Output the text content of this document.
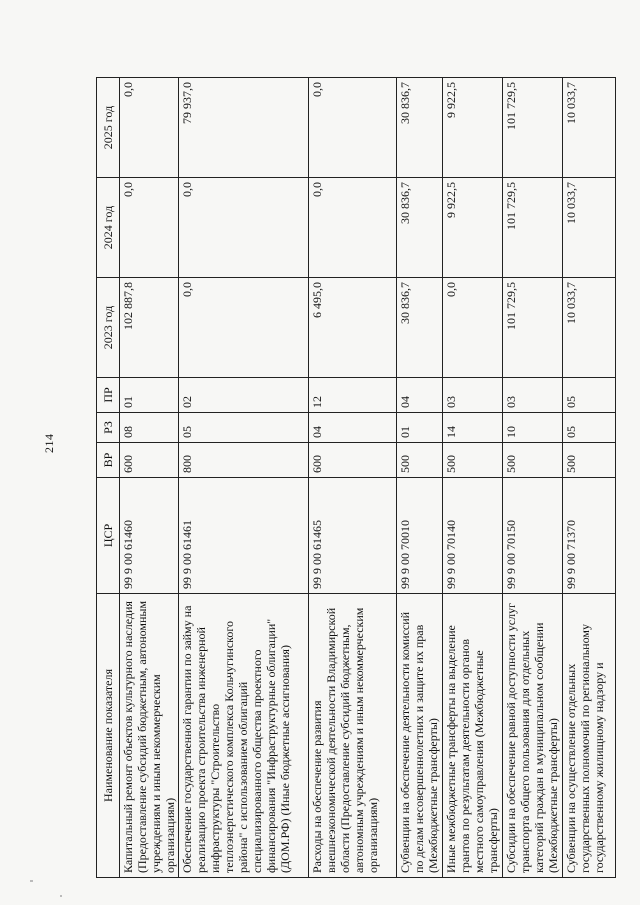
214
Наименование показателя	ЦСР	ВР	РЗ	ПР	2023 год	2024 год	2025 год
Капитальный ремонт объектов культурного наследия (Предоставление субсидий бюджетным, автономным учреждениям и иным некоммерческим организациям)	99 9 00 61460	600	08	01	102 887,8	0,0	0,0
Обеспечение государственной гарантии по займу на реализацию проекта строительства инженерной инфраструктуры "Строительство теплоэнергетического комплекса Кольчугинского района" с использованием облигаций специализированного общества проектного финансирования "Инфраструктурные облигации" (ДОМ.РФ) (Иные бюджетные ассигнования)	99 9 00 61461	800	05	02	0,0	0,0	79 937,0
Расходы на обеспечение развития внешнеэкономической деятельности Владимирской области (Предоставление субсидий бюджетным, автономным учреждениям и иным некоммерческим организациям)	99 9 00 61465	600	04	12	6 495,0	0,0	0,0
Субвенции на обеспечение деятельности комиссий по делам несовершеннолетних и защите их прав (Межбюджетные трансферты)	99 9 00 70010	500	01	04	30 836,7	30 836,7	30 836,7
Иные межбюджетные трансферты на выделение грантов по результатам деятельности органов местного самоуправления (Межбюджетные трансферты)	99 9 00 70140	500	14	03	0,0	9 922,5	9 922,5
Субсидии на обеспечение равной доступности услуг транспорта общего пользования для отдельных категорий граждан в муниципальном сообщении (Межбюджетные трансферты)	99 9 00 70150	500	10	03	101 729,5	101 729,5	101 729,5

Субвенции на осуществление отдельных государственных полномочий по региональному государственному жилищному надзору и	99 9 00 71370	500	05	05	10 033,7	10 033,7	10 033,7
